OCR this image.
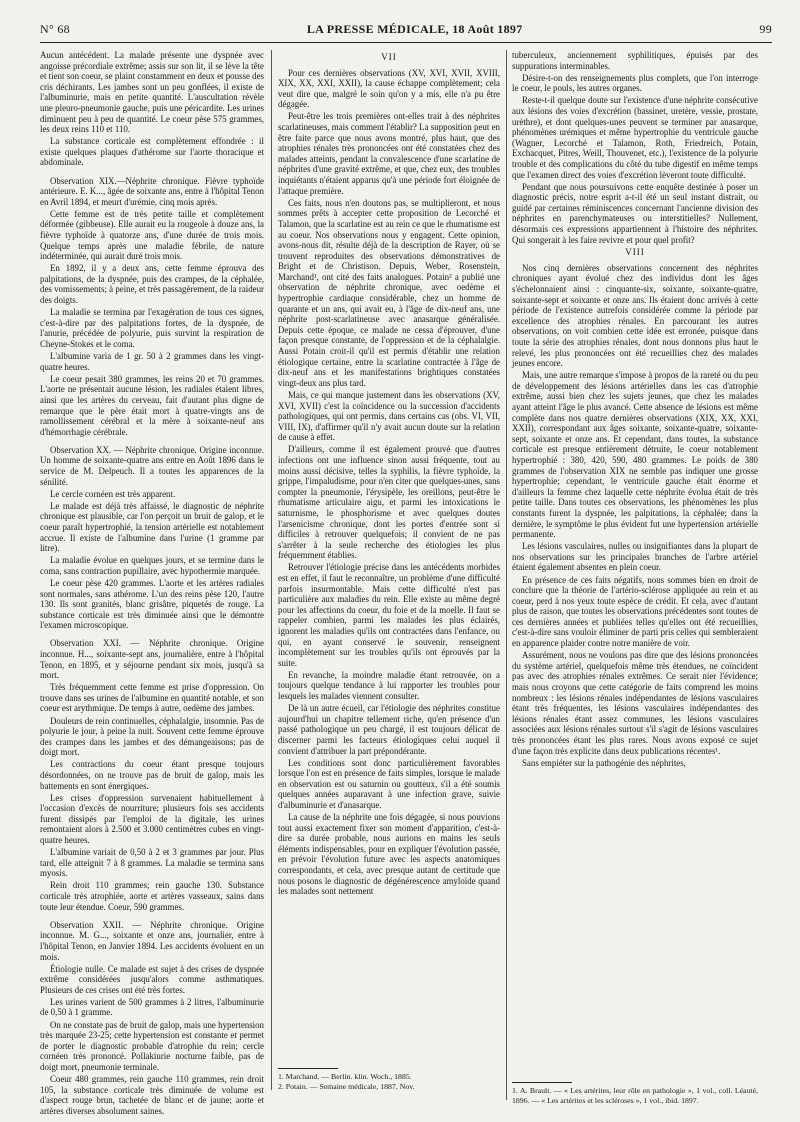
N° 68	LA PRESSE MÉDICALE, 18 Août 1897	99

Aucun antécédent. La malade présente une dyspnée avec angoisse précordiale extrême; assis sur son lit, il se lève la tête et tient son coeur, se plaint constamment en deux et pousse des cris déchirants. Les jambes sont un peu gonflées, il existe de l'albuminurie, mais en petite quantité. L'auscultation révèle une pleuro-pneumonie gauche, puis une péricardite. Les urines diminuent peu à peu de quantité. Le coeur pèse 575 grammes, les deux reins 110 et 110.

La substance corticale est complètement effondrée : il existe quelques plaques d'athérome sur l'aorte thoracique et abdominale.

Observation XIX.—Néphrite chronique. Fièvre typhoïde antérieure. E. K..., âgée de soixante ans, entre à l'hôpital Tenon en Avril 1894, et meurt d'urémie, cinq mois après.

Cette femme est de très petite taille et complètement déformée (gibbeuse). Elle aurait eu la rougeole à douze ans, la fièvre typhoïde à quatorze ans, d'une durée de trois mois. Quelque temps après une maladie fébrile, de nature indéterminée, qui aurait duré trois mois.

En 1892, il y a deux ans, cette femme éprouva des palpitations, de la dyspnée, puis des crampes, de la céphalée, des vomissements; à peine, et très passagèrement, de la raideur des doigts.

La maladie se termina par l'exagération de tous ces signes, c'est-à-dire par des palpitations fortes, de la dyspnée, de l'anurie, précédée de polyurie, puis survint la respiration de Cheyne-Stokes et le coma.

L'albumine varia de 1 gr. 50 à 2 grammes dans les vingt-quatre heures.

Le coeur pesait 380 grammes, les reins 20 et 70 grammes. L'aorte ne présentait aucune lésion, les radiales étaient libres, ainsi que les artères du cerveau, fait d'autant plus digne de remarque que le père était mort à quatre-vingts ans de ramollissement cérébral et la mère à soixante-neuf ans d'hémorrhagie cérébrale.

Observation XX. — Néphrite chronique. Origine inconnue. Un homme de soixante-quatre ans entre en Août 1896 dans le service de M. Delpeuch. Il a toutes les apparences de la sénilité.

Le cercle cornéen est très apparent.

Le malade est déjà très affaissé, le diagnostic de néphrite chronique est plausible, car l'on perçoit un bruit de galop, et le coeur paraît hypertrophié, la tension artérielle est notablement accrue. Il existe de l'albumine dans l'urine (1 gramme par litre).

La maladie évolue en quelques jours, et se termine dans le coma, sans contraction pupillaire, avec hypothermie marquée.

Le coeur pèse 420 grammes. L'aorte et les artères radiales sont normales, sans athérome. L'un des reins pèse 120, l'autre 130. Ils sont granités, blanc grisâtre, piquetés de rouge. La substance corticale est très diminuée ainsi que le démontre l'examen microscopique.

Observation XXI. — Néphrite chronique. Origine inconnue. H..., soixante-sept ans, journalière, entre à l'hôpital Tenon, en 1895, et y séjourne pendant six mois, jusqu'à sa mort.

Très fréquemment cette femme est prise d'oppression. On trouve dans ses urines de l'albumine en quantité notable, et son coeur est arythmique. De temps à autre, oedème des jambes.

Douleurs de rein continuelles, céphalalgie, insomnie. Pas de polyurie le jour, à peine la nuit. Souvent cette femme éprouve des crampes dans les jambes et des démangeaisons; pas de doigt mort.

Les contractions du coeur étant presque toujours désordonnées, on ne trouve pas de bruit de galop, mais les battements en sont énergiques.

Les crises d'oppression survenaient habituellement à l'occasion d'excès de nourriture; plusieurs fois ses accidents furent dissipés par l'emploi de la digitale, les urines remontaient alors à 2.500 et 3.000 centimètres cubes en vingt-quatre heures.

L'albumine variait de 0,50 à 2 et 3 grammes par jour. Plus tard, elle atteignit 7 à 8 grammes. La maladie se termina sans myosis.

Rein droit 110 grammes; rein gauche 130. Substance corticale très atrophiée, aorte et artères vasseaux, sains dans toute leur étendue. Coeur, 590 grammes.

Observation XXII. — Néphrite chronique. Origine inconnue. M. G..., soixante et onze ans, journalier, entre à l'hôpital Tenon, en Janvier 1894. Les accidents évoluent en un mois.

Étiologie nulle. Ce malade est sujet à des crises de dyspnée extrême considérées jusqu'alors comme asthmatiques. Plusieurs de ces crises ont été très fortes.

Les urines varient de 500 grammes à 2 litres, l'albuminurie de 0,50 à 1 gramme.

On ne constate pas de bruit de galop, mais une hypertension très marquée 23-25; cette hypertension est constante et permet de porter le diagnostic probable d'atrophie du rein; cercle cornéen très prononcé. Pollakiurie nocturne faible, pas de doigt mort, pneumonie terminale.

Coeur 480 grammes, rein gauche 110 grammes, rein droit 105, la substance corticale très diminuée de volume est d'aspect rouge brun, tachetée de blanc et de jaune; aorte et artères diverses absolument saines.

VII

Pour ces dernières observations (XV, XVI, XVII, XVIII, XIX, XX, XXI, XXII), la cause échappe complètement; cela veut dire que, malgré le soin qu'on y a mis, elle n'a pu être dégagée.

Peut-être les trois premières ont-elles trait à des néphrites scarlatineuses, mais comment l'établir? La supposition peut en être faite parce que nous avons montré, plus haut, que des atrophies rénales très prononcées ont été constatées chez des malades atteints, pendant la convalescence d'une scarlatine de néphrites d'une gravité extrême, et que, chez eux, des troubles inquiétants n'étaient apparus qu'à une période fort éloignée de l'attaque première.

Ces faits, nous n'en doutons pas, se multiplieront, et nous sommes prêts à accepter cette proposition de Lecorché et Talamon, que la scarlatine est au rein ce que le rhumatisme est au coeur. Nos observations nous y engagent. Cette opinion, avons-nous dit, résulte déjà de la description de Rayer, où se trouvent reproduites des observations démonstratives de Bright et de Christison. Depuis, Weber, Rosenstein, Marchand¹, ont cité des faits analogues. Potain² a publié une observation de néphrite chronique, avec oedème et hypertrophie cardiaque considérable, chez un homme de quarante et un ans, qui avait eu, à l'âge de dix-neuf ans, une néphrite post-scarlatineuse avec anasarque généralisée. Depuis cette époque, ce malade ne cessa d'éprouver, d'une façon presque constante, de l'oppression et de la céphalalgie. Aussi Potain croit-il qu'il est permis d'établir une relation étiologique certaine, entre la scarlatine contractée à l'âge de dix-neuf ans et les manifestations brightiques constatées vingt-deux ans plus tard.

Mais, ce qui manque justement dans les observations (XV, XVI, XVII) c'est la coïncidence ou la succession d'accidents pathologiques, qui ont permis, dans certains cas (obs. VI, VII, VIII, IX), d'affirmer qu'il n'y avait aucun doute sur la relation de cause à effet.

D'ailleurs, comme il est également prouvé que d'autres infections ont une influence sinon aussi fréquente, tout au moins aussi décisive, telles la syphilis, la fièvre typhoïde, la grippe, l'impaludisme, pour n'en citer que quelques-unes, sans compter la pneumonie, l'érysipèle, les oreillons, peut-être le rhumatisme articulaire aigu, et parmi les intoxications le saturnisme, le phosphorisme et avec quelques doutes l'arsenicisme chronique, dont les portes d'entrée sont si difficiles à retrouver quelquefois; il convient de ne pas s'arrêter à la seule recherche des étiologies les plus fréquemment établies.

Retrouver l'étiologie précise dans les antécédents morbides est en effet, il faut le reconnaître, un problème d'une difficulté parfois insurmontable. Mais cette difficulté n'est pas particulière aux maladies du rein. Elle existe au même degré pour les affections du coeur, du foie et de la moelle. Il faut se rappeler combien, parmi les malades les plus éclairés, ignorent les maladies qu'ils ont contractées dans l'enfance, ou qui, en ayant conservé le souvenir, renseignent incomplètement sur les troubles qu'ils ont éprouvés par la suite.

En revanche, la moindre maladie étant retrouvée, on a toujours quelque tendance à lui rapporter les troubles pour lesquels les malades viennent consulter.

De là un autre écueil, car l'étiologie des néphrites constitue aujourd'hui un chapitre tellement riche, qu'en présence d'un passé pathologique un peu chargé, il est toujours délicat de discerner parmi les facteurs étiologiques celui auquel il convient d'attribuer la part prépondérante.

Les conditions sont donc particulièrement favorables lorsque l'on est en présence de faits simples, lorsque le malade en observation est ou saturnin ou goutteux, s'il a été soumis quelques années auparavant à une infection grave, suivie d'albuminurie et d'anasarque.

La cause de la néphrite une fois dégagée, si nous pouvions tout aussi exactement fixer son moment d'apparition, c'est-à-dire sa durée probable, nous aurions en mains les seuls éléments indispensables, pour en expliquer l'évolution passée, en prévoir l'évolution future avec les aspects anatomiques correspondants, et cela, avec presque autant de certitude que nous posons le diagnostic de dégénérescence amyloïde quand les malades sont nettement

1. Marchand. — Berlin. klin. Woch., 1885.

2. Potain. — Semaine médicale, 1887, Nov.

tuberculeux, anciennement syphilitiques, épuisés par des suppurations interminables.

Désire-t-on des renseignements plus complets, que l'on interroge le coeur, le pouls, les autres organes.

Reste-t-il quelque doute sur l'existence d'une néphrite consécutive aux lésions des voies d'excrétion (bassinet, uretère, vessie, prostate, urèthre), et dont quelques-unes peuvent se terminer par anasarque, phénomènes urémiques et même hypertrophie du ventricule gauche (Wagner, Lecorché et Talamon, Roth, Friedreich, Potain, Exchacquet, Pitres, Weill, Thouvenet, etc.), l'existence de la polyurie trouble et des complications du côté du tube digestif en même temps que l'examen direct des voies d'excrétion lèveront toute difficulté.

Pendant que nous poursuivons cette enquête destinée à poser un diagnostic précis, notre esprit a-t-il été un seul instant distrait, ou guidé par certaines réminiscences concernant l'ancienne division des néphrites en parenchymateuses ou interstitielles? Nullement, désormais ces expressions appartiennent à l'histoire des néphrites. Qui songerait à les faire revivre et pour quel profit?

VIII

Nos cinq dernières observations concernent des néphrites chroniques ayant évolué chez des individus dont les âges s'échelonnaient ainsi : cinquante-six, soixante, soixante-quatre, soixante-sept et soixante et onze ans. Ils étaient donc arrivés à cette période de l'existence autrefois considérée comme la période par excellence des atrophies rénales. En parcourant les autres observations, on voit combien cette idée est erronée, puisque dans toute la série des atrophies rénales, dont nous donnons plus haut le relevé, les plus prononcées ont été recueillies chez des malades jeunes encore.

Mais, une autre remarque s'impose à propos de la rareté ou du peu de développement des lésions artérielles dans les cas d'atrophie extrême, aussi bien chez les sujets jeunes, que chez les malades ayant atteint l'âge le plus avancé. Cette absence de lésions est même complète dans nos quatre dernières observations (XIX, XX, XXI, XXII), correspondant aux âges soixante, soixante-quatre, soixante-sept, soixante et onze ans. Et cependant, dans toutes, la substance corticale est presque entièrement détruite, le coeur notablement hypertrophié : 380, 420, 590, 480 grammes. Le poids de 380 grammes de l'observation XIX ne semble pas indiquer une grosse hypertrophie; cependant, le ventricule gauche était énorme et d'ailleurs la femme chez laquelle cette néphrite évolua était de très petite taille. Dans toutes ces observations, les phénomènes les plus constants furent la dyspnée, les palpitations, la céphalée; dans la dernière, le symptôme le plus évident fut une hypertension artérielle permanente.

Les lésions vasculaires, nulles ou insignifiantes dans la plupart de nos observations sur les principales branches de l'arbre artériel étaient également absentes en plein coeur.

En présence de ces faits négatifs, nous sommes bien en droit de conclure que la théorie de l'artério-sclérose appliquée au rein et au coeur, perd à nos yeux toute espèce de crédit. Et cela, avec d'autant plus de raison, que toutes les observations précédentes sont toutes de ces dernières années et publiées telles qu'elles ont été recueillies, c'est-à-dire sans vouloir éliminer de parti pris celles qui sembleraient en apparence plaider contre notre manière de voir.

Assurément, nous ne voulons pas dire que des lésions prononcées du système artériel, quelquefois même très étendues, ne coïncident pas avec des atrophies rénales extrêmes. Ce serait nier l'évidence; mais nous croyons que cette catégorie de faits comprend les moins nombreux : les lésions rénales indépendantes de lésions vasculaires étant très fréquentes, les lésions vasculaires indépendantes des lésions rénales étant assez communes, les lésions vasculaires associées aux lésions rénales surtout s'il s'agit de lésions vasculaires très prononcées étant les plus rares. Nous avons exposé ce sujet d'une façon très explicite dans deux publications récentes¹.

Sans empiéter sur la pathogénie des néphrites,

1. A. Brault. — « Les artérites, leur rôle en pathologie », 1 vol., coll. Léauté, 1896. — « Les artérites et les scléroses », 1 vol., ibid. 1897.
